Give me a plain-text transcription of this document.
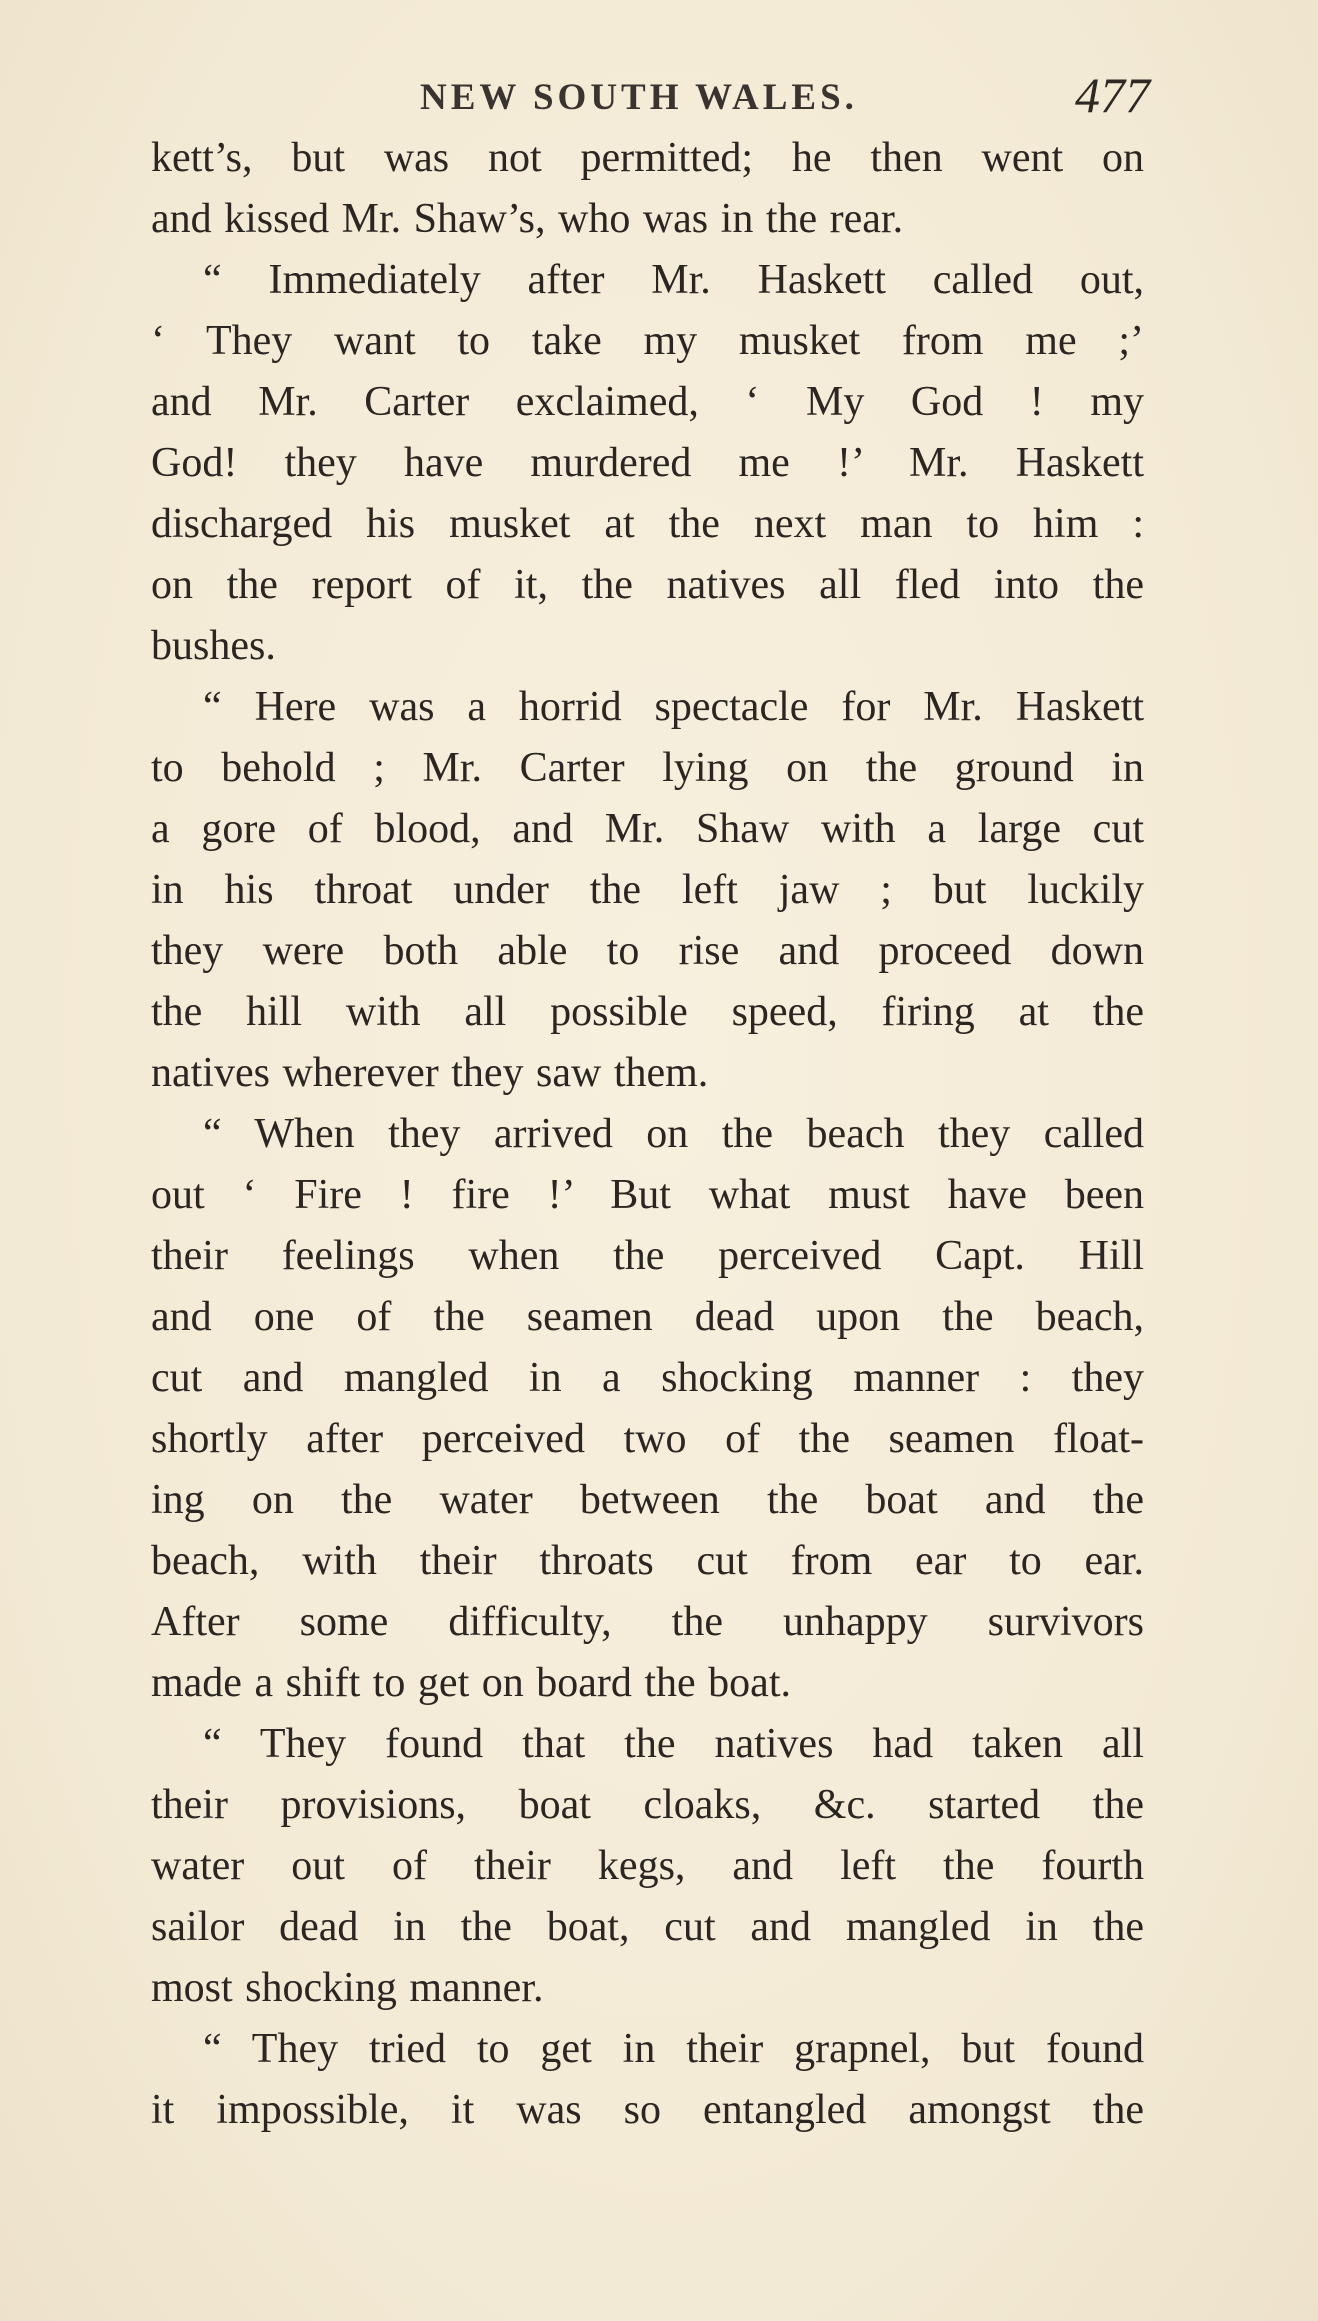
NEW SOUTH WALES.	477
kett’s, but was not permitted; he then went on
and kissed Mr. Shaw’s, who was in the rear.
“ Immediately after Mr. Haskett called out,
‘ They want to take my musket from me ;’
and Mr. Carter exclaimed, ‘ My God ! my
God! they have murdered me !’ Mr. Haskett
discharged his musket at the next man to him :
on the report of it, the natives all fled into the
bushes.
“ Here was a horrid spectacle for Mr. Haskett
to behold ; Mr. Carter lying on the ground in
a gore of blood, and Mr. Shaw with a large cut
in his throat under the left jaw ; but luckily
they were both able to rise and proceed down
the hill with all possible speed, firing at the
natives wherever they saw them.
“ When they arrived on the beach they called
out ‘ Fire ! fire !’ But what must have been
their feelings when the perceived Capt. Hill
and one of the seamen dead upon the beach,
cut and mangled in a shocking manner : they
shortly after perceived two of the seamen float-
ing on the water between the boat and the
beach, with their throats cut from ear to ear.
After some difficulty, the unhappy survivors
made a shift to get on board the boat.
“ They found that the natives had taken all
their provisions, boat cloaks, &c. started the
water out of their kegs, and left the fourth
sailor dead in the boat, cut and mangled in the
most shocking manner.
“ They tried to get in their grapnel, but found
it impossible, it was so entangled amongst the
